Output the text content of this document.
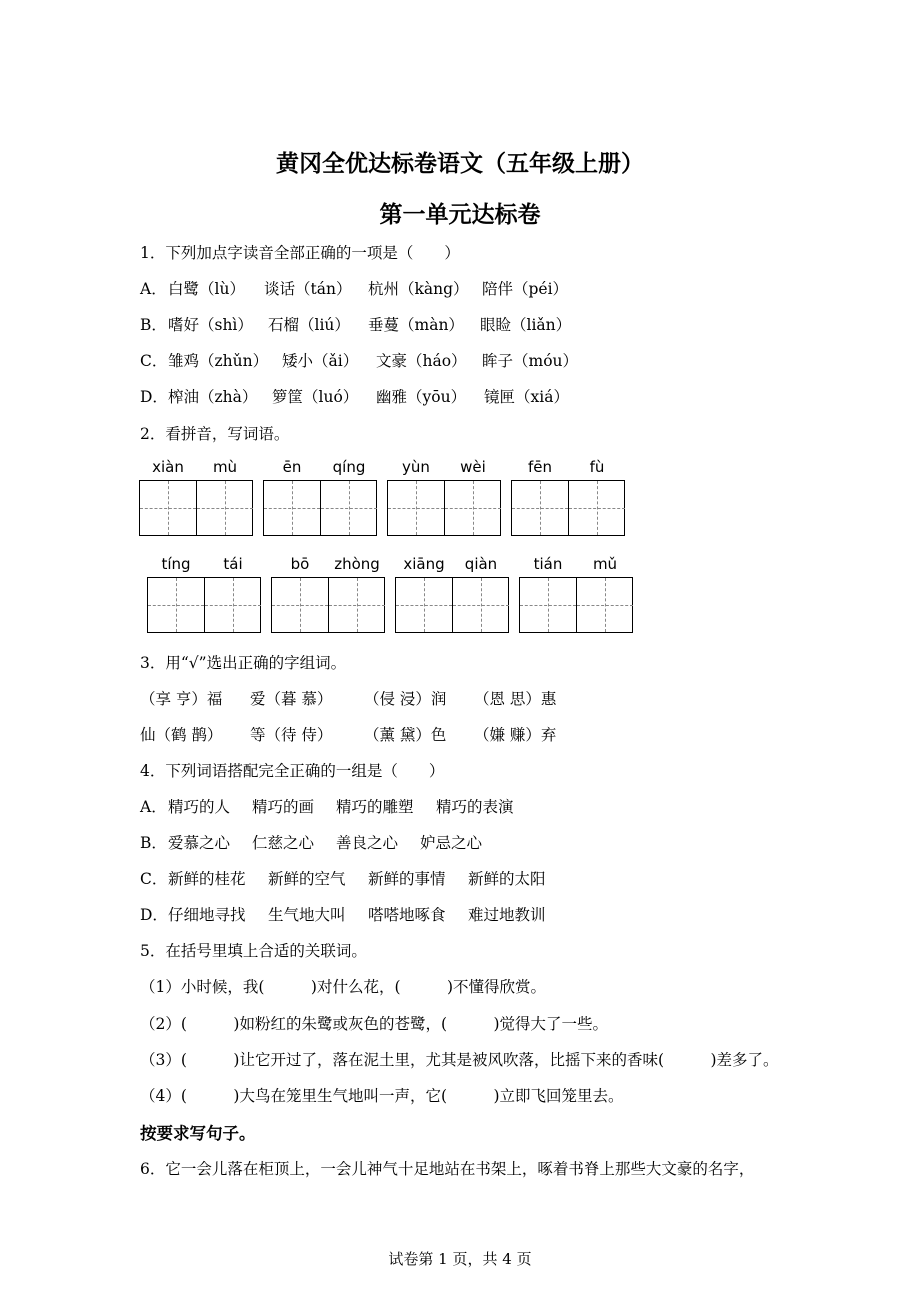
黄冈全优达标卷语文（五年级上册）
第一单元达标卷
1．下列加点字读音全部正确的一项是（　　）
A．白鹭（lù） 谈话（tán） 杭州（kàng） 陪伴（péi）
B．嗜好（shì） 石榴（liú） 垂蔓（màn） 眼睑（liǎn）
C．雏鸡（zhǔn） 矮小（ǎi） 文豪（háo） 眸子（móu）
D．榨油（zhà） 箩筐（luó） 幽雅（yōu） 镜匣（xiá）
2．看拼音，写词语。
xiàn	mù	ēn	qíng	yùn	wèi	fēn	fù
tíng	tái	bō	zhòng	xiāng	qiàn	tián	mǔ
3．用“√”选出正确的字组词。
（享 亨）福 爱（暮 慕） （侵 浸）润 （恩 思）惠
仙（鹤 鹊） 等（待 侍） （薰 黛）色 （嫌 赚）弃
4．下列词语搭配完全正确的一组是（　　）
A．精巧的人 精巧的画 精巧的雕塑 精巧的表演
B．爱慕之心 仁慈之心 善良之心 妒忌之心
C．新鲜的桂花 新鲜的空气 新鲜的事情 新鲜的太阳
D．仔细地寻找 生气地大叫 嗒嗒地啄食 难过地教训
5．在括号里填上合适的关联词。
（1）小时候，我(　　　)对什么花，(　　　)不懂得欣赏。
（2）(　　　)如粉红的朱鹭或灰色的苍鹭，(　　　)觉得大了一些。
（3）(　　　)让它开过了，落在泥土里，尤其是被风吹落，比摇下来的香味(　　　)差多了。
（4）(　　　)大鸟在笼里生气地叫一声，它(　　　)立即飞回笼里去。
按要求写句子。
6．它一会儿落在柜顶上，一会儿神气十足地站在书架上，啄着书脊上那些大文豪的名字，
试卷第 1 页，共 4 页
